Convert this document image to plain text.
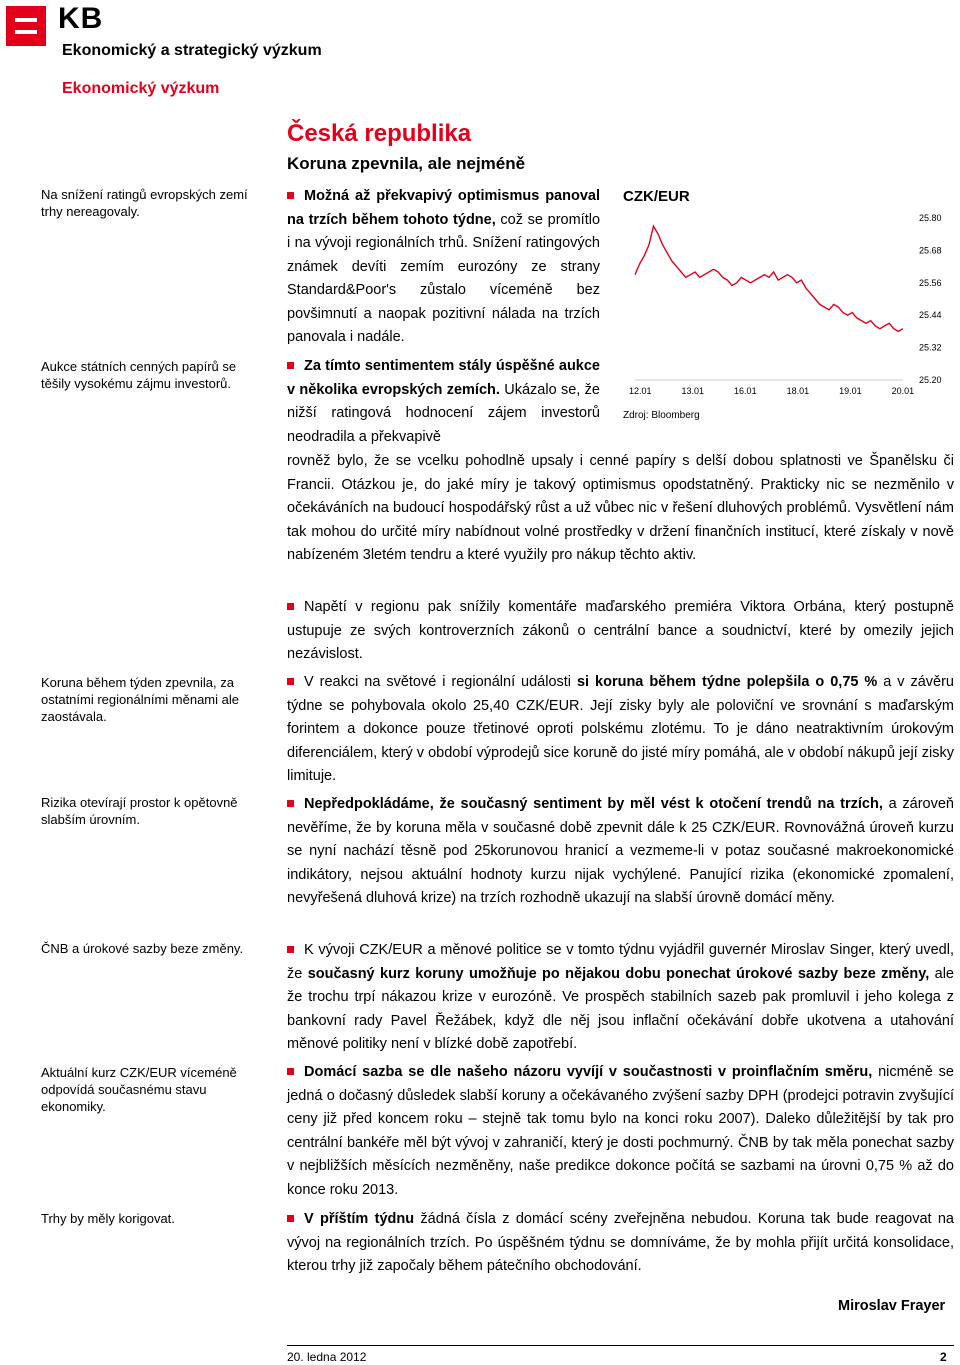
KB
Ekonomický a strategický výzkum
Ekonomický výzkum
Na snížení ratingů evropských zemí trhy nereagovaly.
Aukce státních cenných papírů se těšily vysokému zájmu investorů.
Koruna během týden zpevnila, za ostatními regionálními měnami ale zaostávala.
Rizika otevírají prostor k opětovně slabším úrovním.
ČNB a úrokové sazby beze změny.
Aktuální kurz CZK/EUR víceméně odpovídá současnému stavu ekonomiky.
Trhy by měly korigovat.
Česká republika
Koruna zpevnila, ale nejméně

Možná až překvapivý optimismus panoval na trzích během tohoto týdne, což se promítlo i na vývoji regionálních trhů. Snížení ratingových známek devíti zemím eurozóny ze strany Standard&Poor's zůstalo víceméně bez povšimnutí a naopak pozitivní nálada na trzích panovala i nadále.

Za tímto sentimentem stály úspěšné aukce v několika evropských zemích. Ukázalo se, že nižší ratingová hodnocení zájem investorů neodradila a překvapivě

rovněž bylo, že se vcelku pohodlně upsaly i cenné papíry s delší dobou splatnosti ve Španělsku či Francii. Otázkou je, do jaké míry je takový optimismus opodstatněný. Prakticky nic se nezměnilo v očekáváních na budoucí hospodářský růst a už vůbec nic v řešení dluhových problémů. Vysvětlení nám tak mohou do určité míry nabídnout volné prostředky v držení finančních institucí, které získaly v nově nabízeném 3letém tendru a které využily pro nákup těchto aktiv.

CZK/EUR
25.20
25.32
25.44
25.56
25.68
25.80
12.01	13.01	16.01	18.01	19.01	20.01
Zdroj: Bloomberg

Napětí v regionu pak snížily komentáře maďarského premiéra Viktora Orbána, který postupně ustupuje ze svých kontroverzních zákonů o centrální bance a soudnictví, které by omezily jejich nezávislost.

V reakci na světové i regionální události si koruna během týdne polepšila o 0,75 % a v závěru týdne se pohybovala okolo 25,40 CZK/EUR. Její zisky byly ale poloviční ve srovnání s maďarským forintem a dokonce pouze třetinové oproti polskému zlotému. To je dáno neatraktivním úrokovým diferenciálem, který v období výprodejů sice koruně do jisté míry pomáhá, ale v období nákupů její zisky limituje.

Nepředpokládáme, že současný sentiment by měl vést k otočení trendů na trzích, a zároveň nevěříme, že by koruna měla v současné době zpevnit dále k 25 CZK/EUR. Rovnovážná úroveň kurzu se nyní nachází těsně pod 25korunovou hranicí a vezmeme-li v potaz současné makroekonomické indikátory, nejsou aktuální hodnoty kurzu nijak vychýlené. Panující rizika (ekonomické zpomalení, nevyřešená dluhová krize) na trzích rozhodně ukazují na slabší úrovně domácí měny.

K vývoji CZK/EUR a měnové politice se v tomto týdnu vyjádřil guvernér Miroslav Singer, který uvedl, že současný kurz koruny umožňuje po nějakou dobu ponechat úrokové sazby beze změny, ale že trochu trpí nákazou krize v eurozóně. Ve prospěch stabilních sazeb pak promluvil i jeho kolega z bankovní rady Pavel Řežábek, když dle něj jsou inflační očekávání dobře ukotvena a utahování měnové politiky není v blízké době zapotřebí.

Domácí sazba se dle našeho názoru vyvíjí v součastnosti v proinflačním směru, nicméně se jedná o dočasný důsledek slabší koruny a očekávaného zvýšení sazby DPH (prodejci potravin zvyšující ceny již před koncem roku – stejně tak tomu bylo na konci roku 2007). Daleko důležitější by tak pro centrální bankéře měl být vývoj v zahraničí, který je dosti pochmurný. ČNB by tak měla ponechat sazby v nejbližších měsících nezměněny, naše predikce dokonce počítá se sazbami na úrovni 0,75 % až do konce roku 2013.

V příštím týdnu žádná čísla z domácí scény zveřejněna nebudou. Koruna tak bude reagovat na vývoj na regionálních trzích. Po úspěšném týdnu se domníváme, že by mohla přijít určitá konsolidace, kterou trhy již započaly během pátečního obchodování.

Miroslav Frayer
20. ledna 2012	2
